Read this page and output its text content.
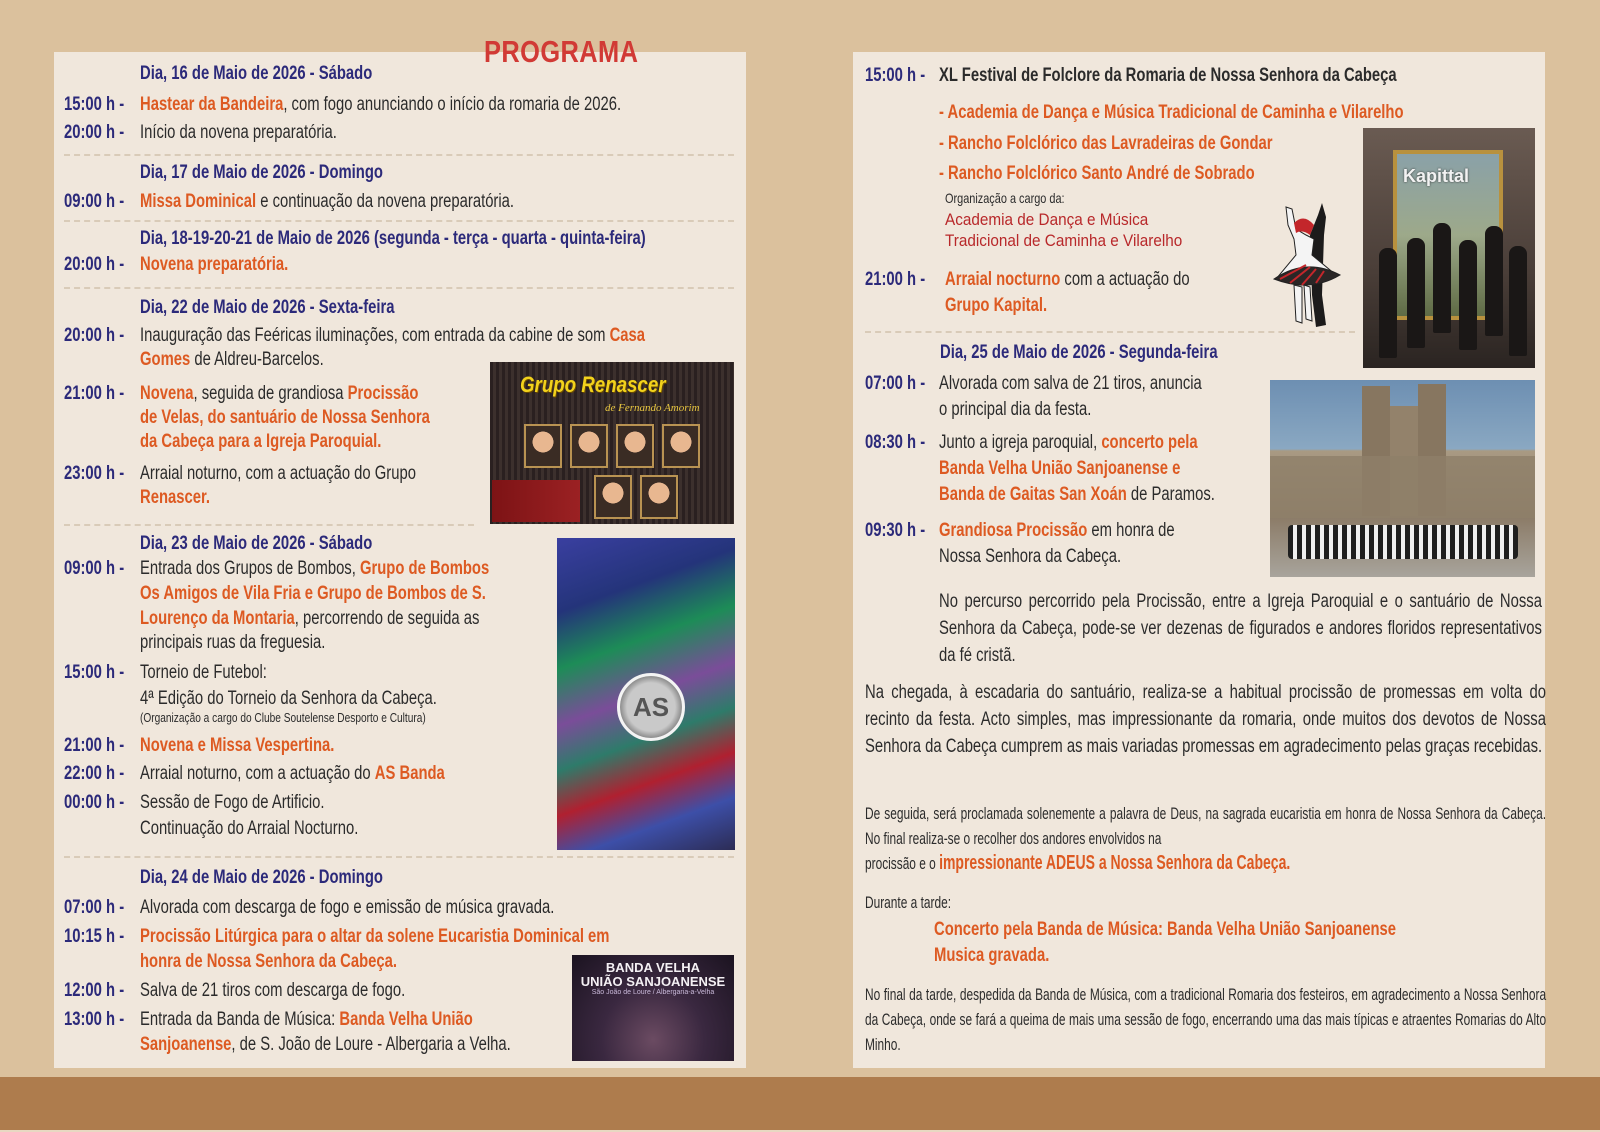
PROGRAMA
Dia, 16 de Maio de 2026 - Sábado
15:00 h - Hastear da Bandeira, com fogo anunciando o início da romaria de 2026.
20:00 h - Início da novena preparatória.
Dia, 17 de Maio de 2026 - Domingo
09:00 h - Missa Dominical e continuação da novena preparatória.
Dia, 18-19-20-21 de Maio de 2026 (segunda - terça - quarta - quinta-feira)
20:00 h - Novena preparatória.
Dia, 22 de Maio de 2026 - Sexta-feira
20:00 h - Inauguração das Feéricas iluminações, com entrada da cabine de som Casa
Gomes de Aldreu-Barcelos.
21:00 h - Novena, seguida de grandiosa Procissão
de Velas, do santuário de Nossa Senhora
da Cabeça para a Igreja Paroquial.
23:00 h - Arraial noturno, com a actuação do Grupo
Renascer.
Grupo Renascer
de Fernando Amorim
Dia, 23 de Maio de 2026 - Sábado
09:00 h - Entrada dos Grupos de Bombos, Grupo de Bombos
Os Amigos de Vila Fria e Grupo de Bombos de S.
Lourenço da Montaria, percorrendo de seguida as
principais ruas da freguesia.
15:00 h - Torneio de Futebol:
4ª Edição do Torneio da Senhora da Cabeça.
(Organização a cargo do Clube Soutelense Desporto e Cultura)
21:00 h - Novena e Missa Vespertina.
22:00 h - Arraial noturno, com a actuação do AS Banda
00:00 h - Sessão de Fogo de Artificio.
Continuação do Arraial Nocturno.
AS
Dia, 24 de Maio de 2026 - Domingo
07:00 h - Alvorada com descarga de fogo e emissão de música gravada.
10:15 h - Procissão Litúrgica para o altar da solene Eucaristia Dominical em
honra de Nossa Senhora da Cabeça.
12:00 h - Salva de 21 tiros com descarga de fogo.
13:00 h - Entrada da Banda de Música: Banda Velha União
Sanjoanense, de S. João de Loure - Albergaria a Velha.
BANDA VELHA
UNIÃO SANJOANENSE
São João de Loure / Albergaria-a-Velha
15:00 h - XL Festival de Folclore da Romaria de Nossa Senhora da Cabeça
- Academia de Dança e Música Tradicional de Caminha e Vilarelho
- Rancho Folclórico das Lavradeiras de Gondar
- Rancho Folclórico Santo André de Sobrado
Organização a cargo da:
Academia de Dança e Música
Tradicional de Caminha e Vilarelho
21:00 h - Arraial nocturno com a actuação do
Grupo Kapital.
Kapittal
Dia, 25 de Maio de 2026 - Segunda-feira
07:00 h - Alvorada com salva de 21 tiros, anuncia
o principal dia da festa.
08:30 h - Junto a igreja paroquial, concerto pela
Banda Velha União Sanjoanense e
Banda de Gaitas San Xoán de Paramos.
09:30 h - Grandiosa Procissão em honra de
Nossa Senhora da Cabeça.
No percurso percorrido pela Procissão, entre a Igreja Paroquial e o santuário de Nossa Senhora da Cabeça, pode-se ver dezenas de figurados e andores floridos representativos da fé cristã.
Na chegada, à escadaria do santuário, realiza-se a habitual procissão de promessas em volta do recinto da festa. Acto simples, mas impressionante da romaria, onde muitos dos devotos de Nossa Senhora da Cabeça cumprem as mais variadas promessas em agradecimento pelas graças recebidas.
De seguida, será proclamada solenemente a palavra de Deus, na sagrada eucaristia em honra de Nossa Senhora da Cabeça. No final realiza-se o recolher dos andores envolvidos na
procissão e o impressionante ADEUS a Nossa Senhora da Cabeça.
Durante a tarde:
Concerto pela Banda de Música: Banda Velha União Sanjoanense
Musica gravada.
No final da tarde, despedida da Banda de Música, com a tradicional Romaria dos festeiros, em agradecimento a Nossa Senhora da Cabeça, onde se fará a queima de mais uma sessão de fogo, encerrando uma das mais típicas e atraentes Romarias do Alto Minho.
